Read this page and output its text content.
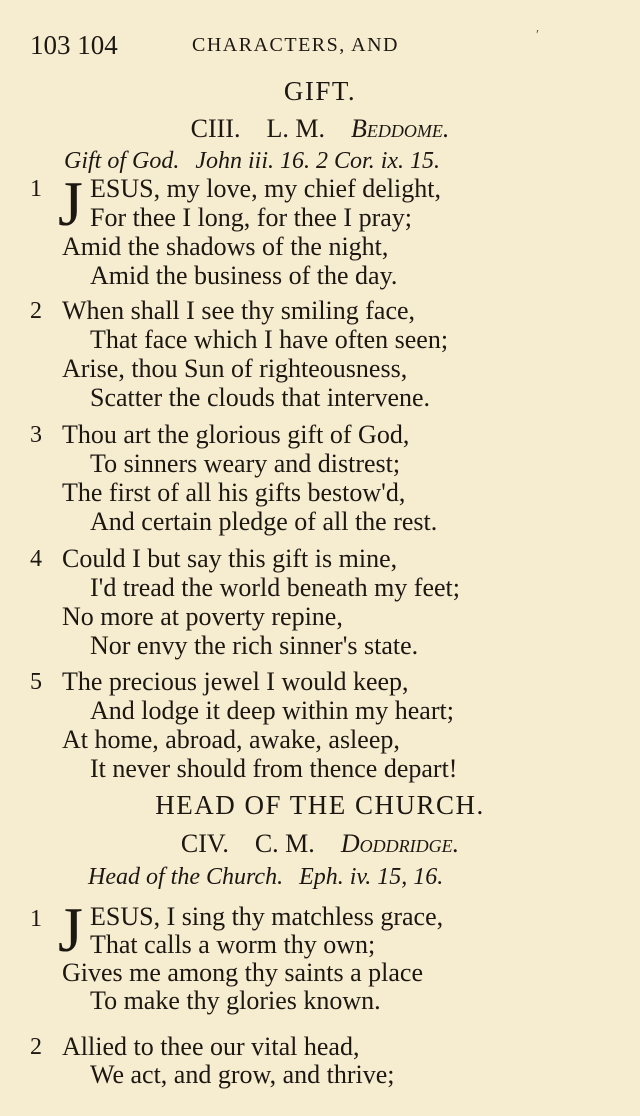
103 104	CHARACTERS, AND	′
GIFT.
CIII. L. M. Beddome.
Gift of God. John iii. 16. 2 Cor. ix. 15.
1 J ESUS, my love, my chief delight,
For thee I long, for thee I pray;
Amid the shadows of the night,
Amid the business of the day.
2 When shall I see thy smiling face,
That face which I have often seen;
Arise, thou Sun of righteousness,
Scatter the clouds that intervene.
3 Thou art the glorious gift of God,
To sinners weary and distrest;
The first of all his gifts bestow'd,
And certain pledge of all the rest.
4 Could I but say this gift is mine,
I'd tread the world beneath my feet;
No more at poverty repine,
Nor envy the rich sinner's state.
5 The precious jewel I would keep,
And lodge it deep within my heart;
At home, abroad, awake, asleep,
It never should from thence depart!
HEAD OF THE CHURCH.
CIV. C. M. Doddridge.
Head of the Church. Eph. iv. 15, 16.
1 J ESUS, I sing thy matchless grace,
That calls a worm thy own;
Gives me among thy saints a place
To make thy glories known.
2 Allied to thee our vital head,
We act, and grow, and thrive;
